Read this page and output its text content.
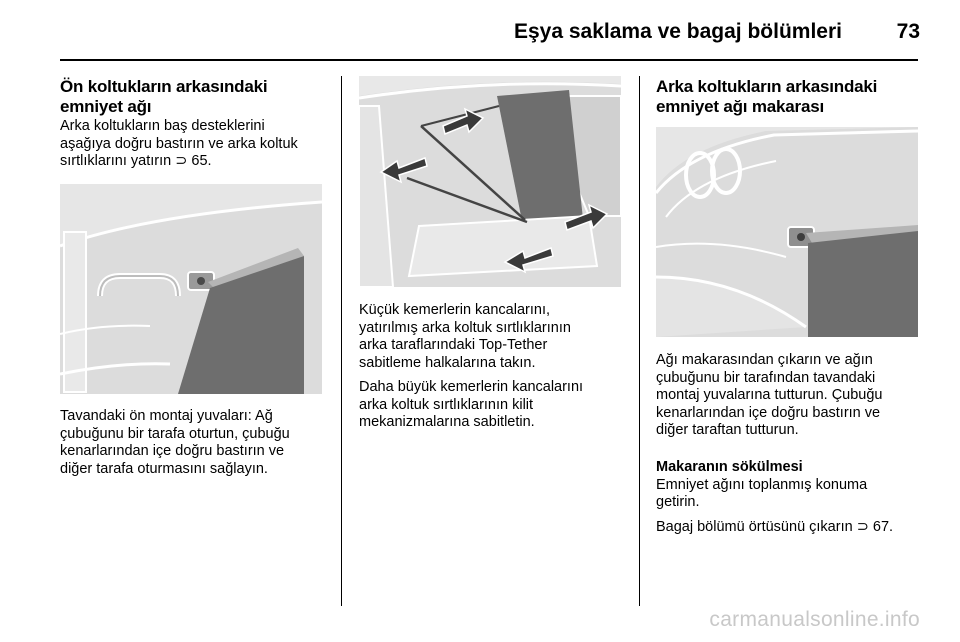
Eşya saklama ve bagaj bölümleri	73
Ön koltukların arkasındaki
emniyet ağı

Arka koltukların baş desteklerini
aşağıya doğru bastırın ve arka koltuk
sırtlıklarını yatırın ⊃ 65.

Tavandaki ön montaj yuvaları: Ağ
çubuğunu bir tarafa oturtun, çubuğu
kenarlarından içe doğru bastırın ve
diğer tarafa oturmasını sağlayın.

Küçük kemerlerin kancalarını,
yatırılmış arka koltuk sırtlıklarının
arka taraflarındaki Top-Tether
sabitleme halkalarına takın.

Daha büyük kemerlerin kancalarını
arka koltuk sırtlıklarının kilit
mekanizmalarına sabitletin.

Arka koltukların arkasındaki
emniyet ağı makarası

Ağı makarasından çıkarın ve ağın
çubuğunu bir tarafından tavandaki
montaj yuvalarına tutturun. Çubuğu
kenarlarından içe doğru bastırın ve
diğer taraftan tutturun.

Makaranın sökülmesi

Emniyet ağını toplanmış konuma
getirin.

Bagaj bölümü örtüsünü çıkarın ⊃ 67.

carmanualsonline.info
